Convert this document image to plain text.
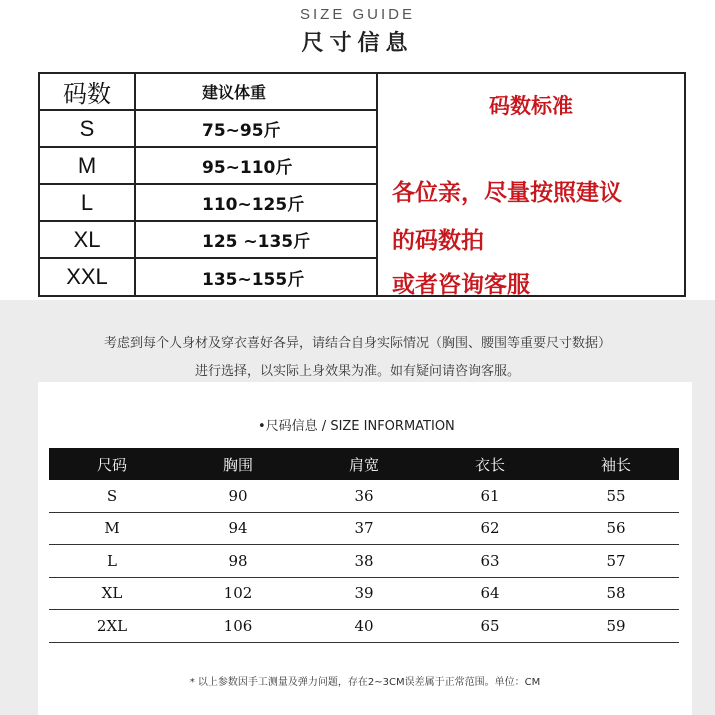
SIZE GUIDE
尺寸信息
码数	建议体重
S	75~95斤
M	95~110斤
L	110~125斤
XL	125 ~135斤
XXL	135~155斤
码数标准
各位亲，尽量按照建议
的码数拍
或者咨询客服
考虑到每个人身材及穿衣喜好各异，请结合自身实际情况（胸围、腰围等重要尺寸数据）
进行选择，以实际上身效果为准。如有疑问请咨询客服。
•尺码信息 / SIZE INFORMATION
尺码	胸围	肩宽	衣长	袖长
S	90	36	61	55
M	94	37	62	56
L	98	38	63	57
XL	102	39	64	58
2XL	106	40	65	59
* 以上参数因手工测量及弹力问题，存在2~3CM误差属于正常范围。单位：CM
